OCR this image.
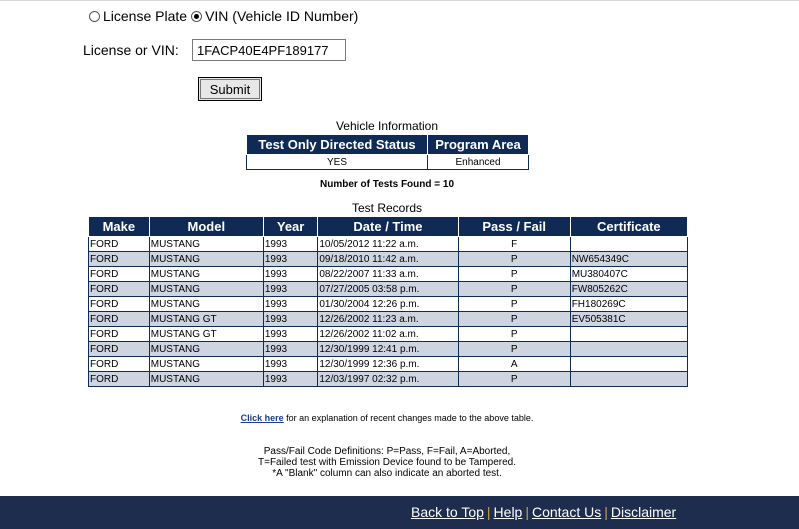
License Plate VIN (Vehicle ID Number)
License or VIN:
1FACP40E4PF189177
Submit
Vehicle Information
Test Only Directed Status	Program Area
YES	Enhanced
Number of Tests Found = 10
Test Records
Make	Model	Year	Date / Time	Pass / Fail	Certificate
FORD	MUSTANG	1993	10/05/2012 11:22 a.m.	F	
FORD	MUSTANG	1993	09/18/2010 11:42 a.m.	P	NW654349C
FORD	MUSTANG	1993	08/22/2007 11:33 a.m.	P	MU380407C
FORD	MUSTANG	1993	07/27/2005 03:58 p.m.	P	FW805262C
FORD	MUSTANG	1993	01/30/2004 12:26 p.m.	P	FH180269C
FORD	MUSTANG GT	1993	12/26/2002 11:23 a.m.	P	EV505381C
FORD	MUSTANG GT	1993	12/26/2002 11:02 a.m.	P	
FORD	MUSTANG	1993	12/30/1999 12:41 p.m.	P	
FORD	MUSTANG	1993	12/30/1999 12:36 p.m.	A	
FORD	MUSTANG	1993	12/03/1997 02:32 p.m.	P	
Click here for an explanation of recent changes made to the above table.
Pass/Fail Code Definitions: P=Pass, F=Fail, A=Aborted,
T=Failed test with Emission Device found to be Tampered.
*A "Blank" column can also indicate an aborted test.
Back to Top | Help | Contact Us | Disclaimer
